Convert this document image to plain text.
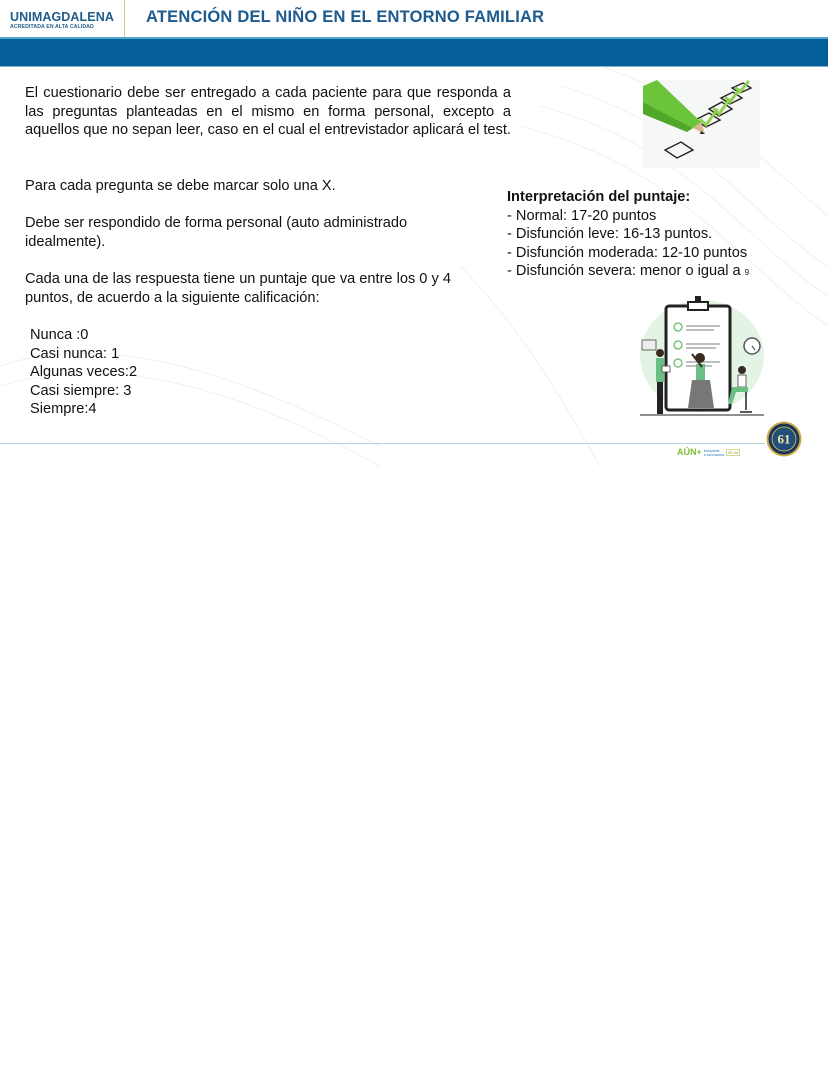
UNIMAGDALENA
ACREDITADA EN ALTA CALIDAD
ATENCIÓN DEL NIÑO EN EL ENTORNO FAMILIAR
El cuestionario debe ser entregado a cada paciente para que responda a las preguntas planteadas en el mismo en forma personal, excepto a aquellos que no sepan leer, caso en el cual el entrevistador aplicará el test.
Para cada pregunta se debe marcar solo una X.
Debe ser respondido de forma personal (auto administrado idealmente).
Cada una de las respuesta tiene un puntaje que va entre los 0 y 4 puntos, de acuerdo a la siguiente calificación:
Nunca :0
Casi nunca: 1
Algunas veces:2
Casi siempre: 3
Siempre:4
Interpretación del puntaje:
- Normal: 17-20 puntos
- Disfunción leve: 16-13 puntos.
- Disfunción moderada: 12-10 puntos
- Disfunción severa: menor o igual a 9
AÚN+ incluyente
e innovadora 20 24
61
